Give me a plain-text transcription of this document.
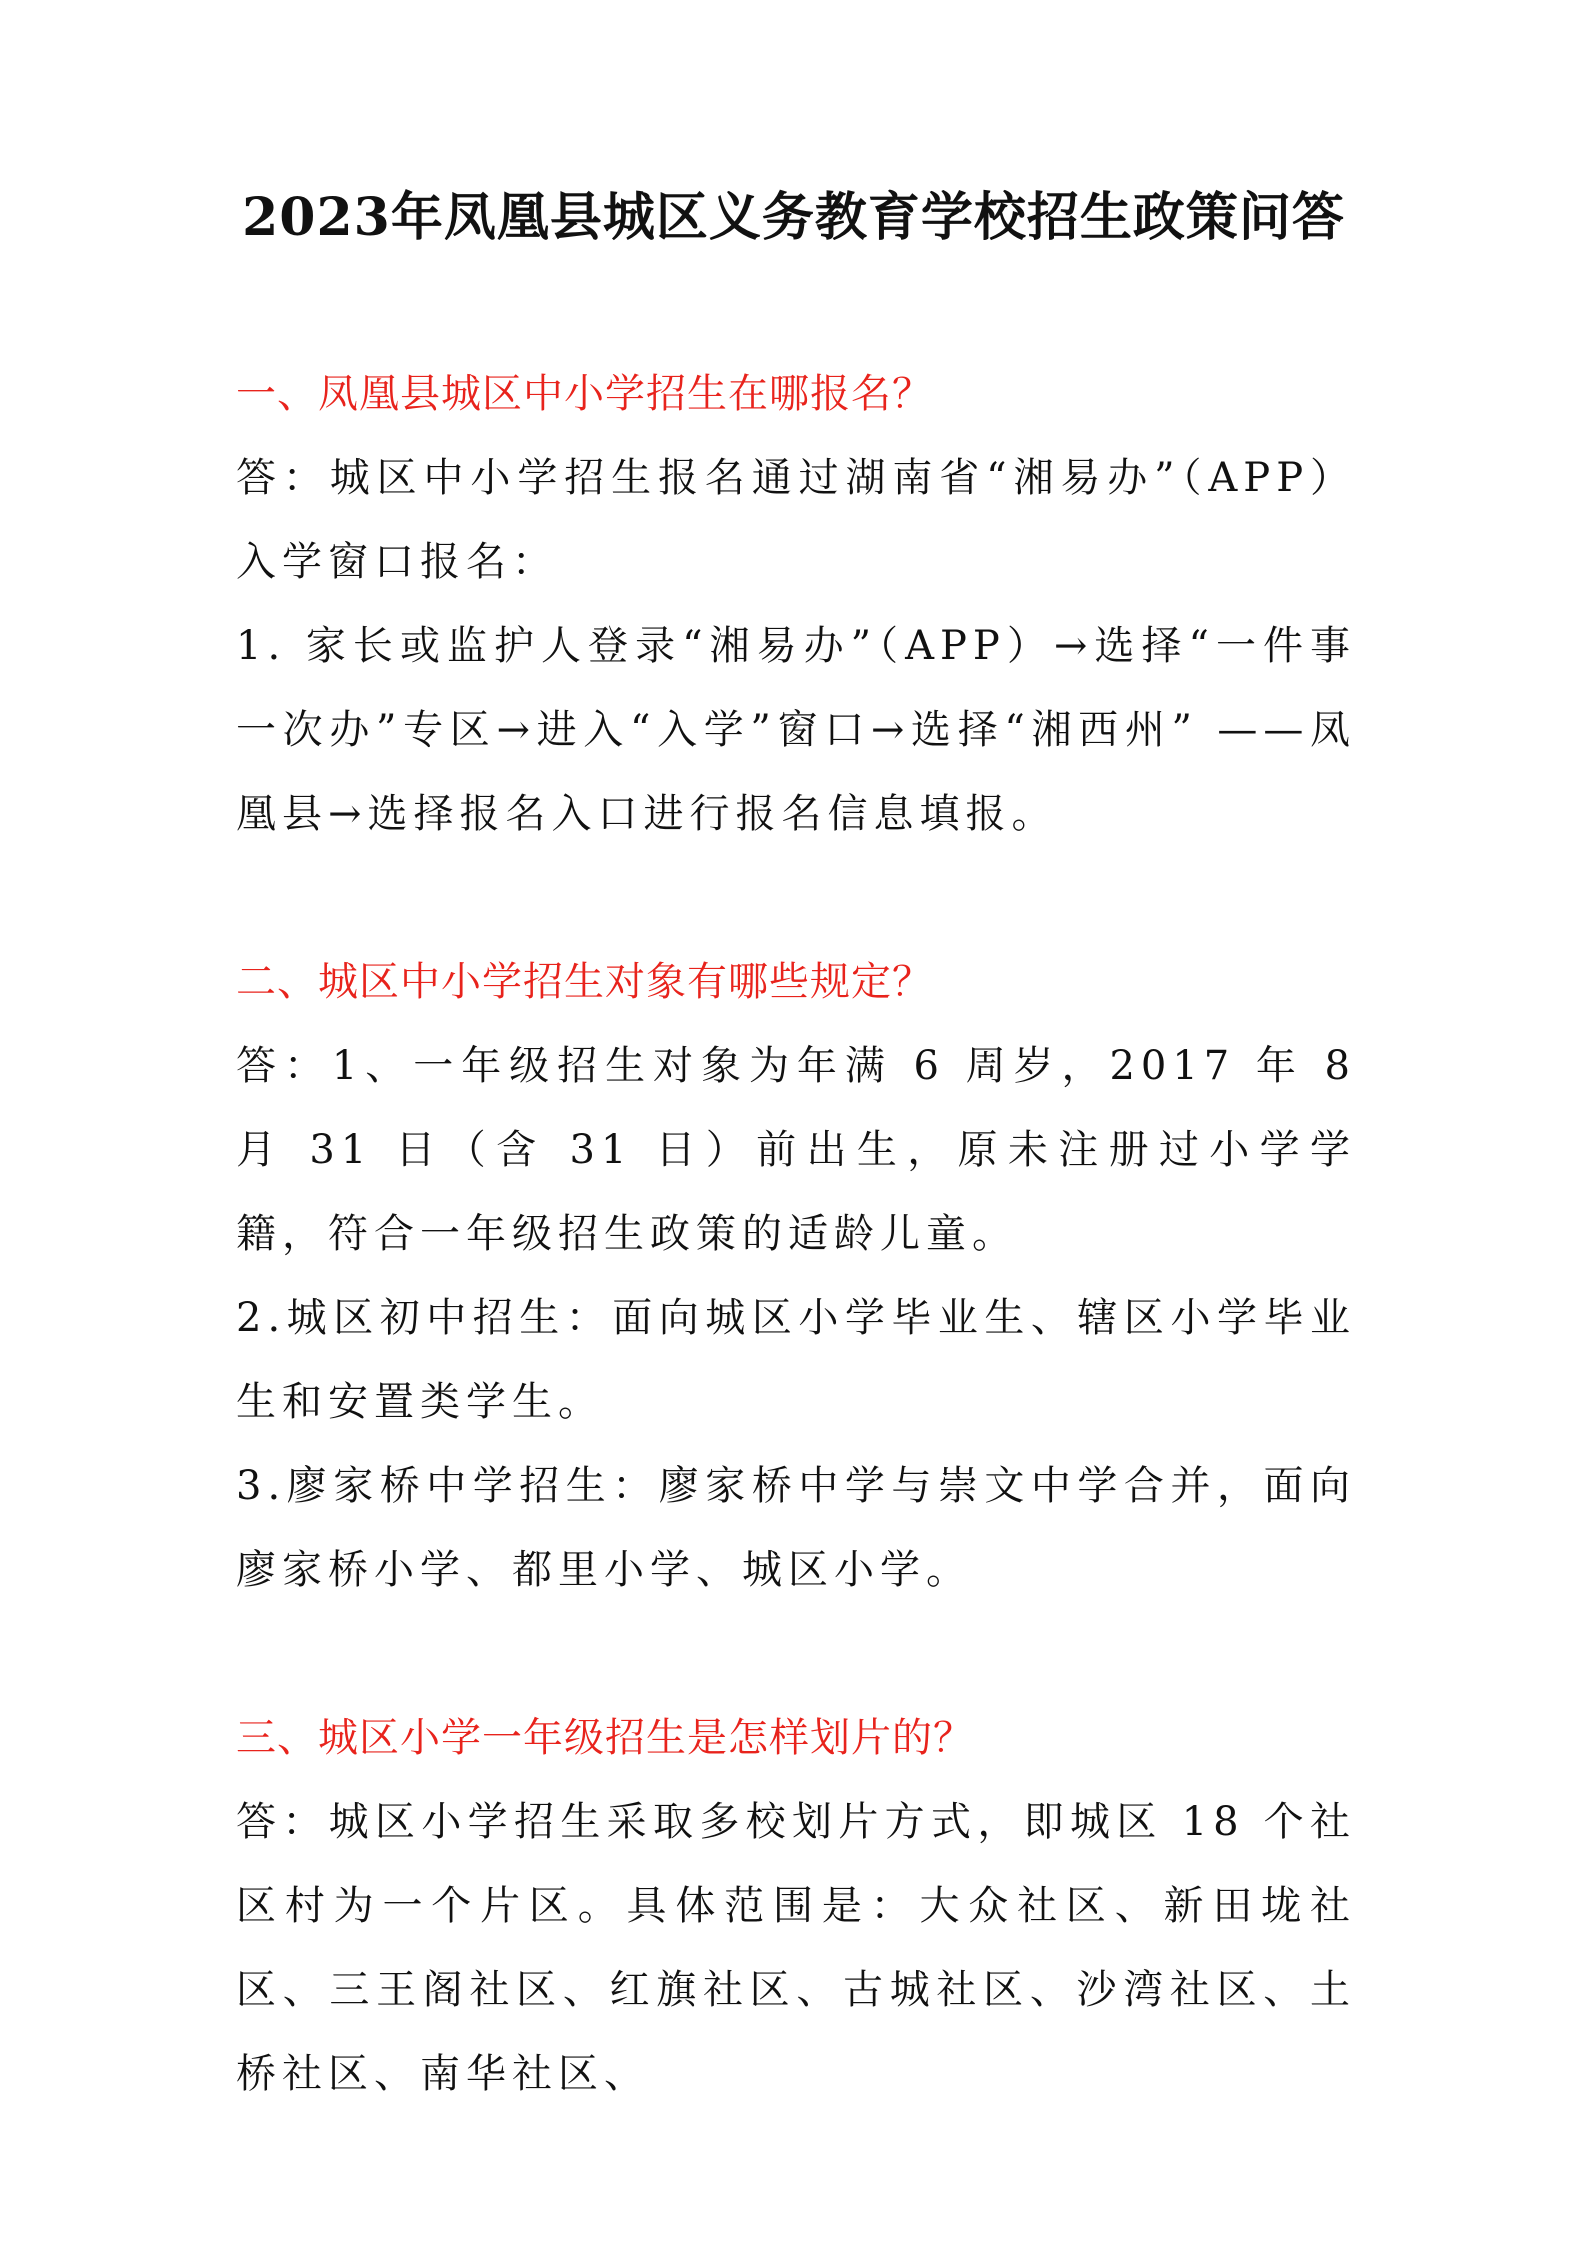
2023年凤凰县城区义务教育学校招生政策问答
一、凤凰县城区中小学招生在哪报名？

答：城区中小学招生报名通过湖南省“湘易办”（APP）入学窗口报名：

1. 家长或监护人登录“湘易办”（APP）→选择“一件事一次办”专区→进入“入学”窗口→选择“湘西州” ——凤凰县→选择报名入口进行报名信息填报。

二、城区中小学招生对象有哪些规定？

答：1、一年级招生对象为年满 6 周岁，2017 年 8 月 31 日（含 31 日）前出生，原未注册过小学学籍，符合一年级招生政策的适龄儿童。

2.城区初中招生：面向城区小学毕业生、辖区小学毕业生和安置类学生。

3.廖家桥中学招生：廖家桥中学与崇文中学合并，面向廖家桥小学、都里小学、城区小学。

三、城区小学一年级招生是怎样划片的？

答：城区小学招生采取多校划片方式，即城区 18 个社区村为一个片区。具体范围是：大众社区、新田垅社区、三王阁社区、红旗社区、古城社区、沙湾社区、土桥社区、南华社区、
